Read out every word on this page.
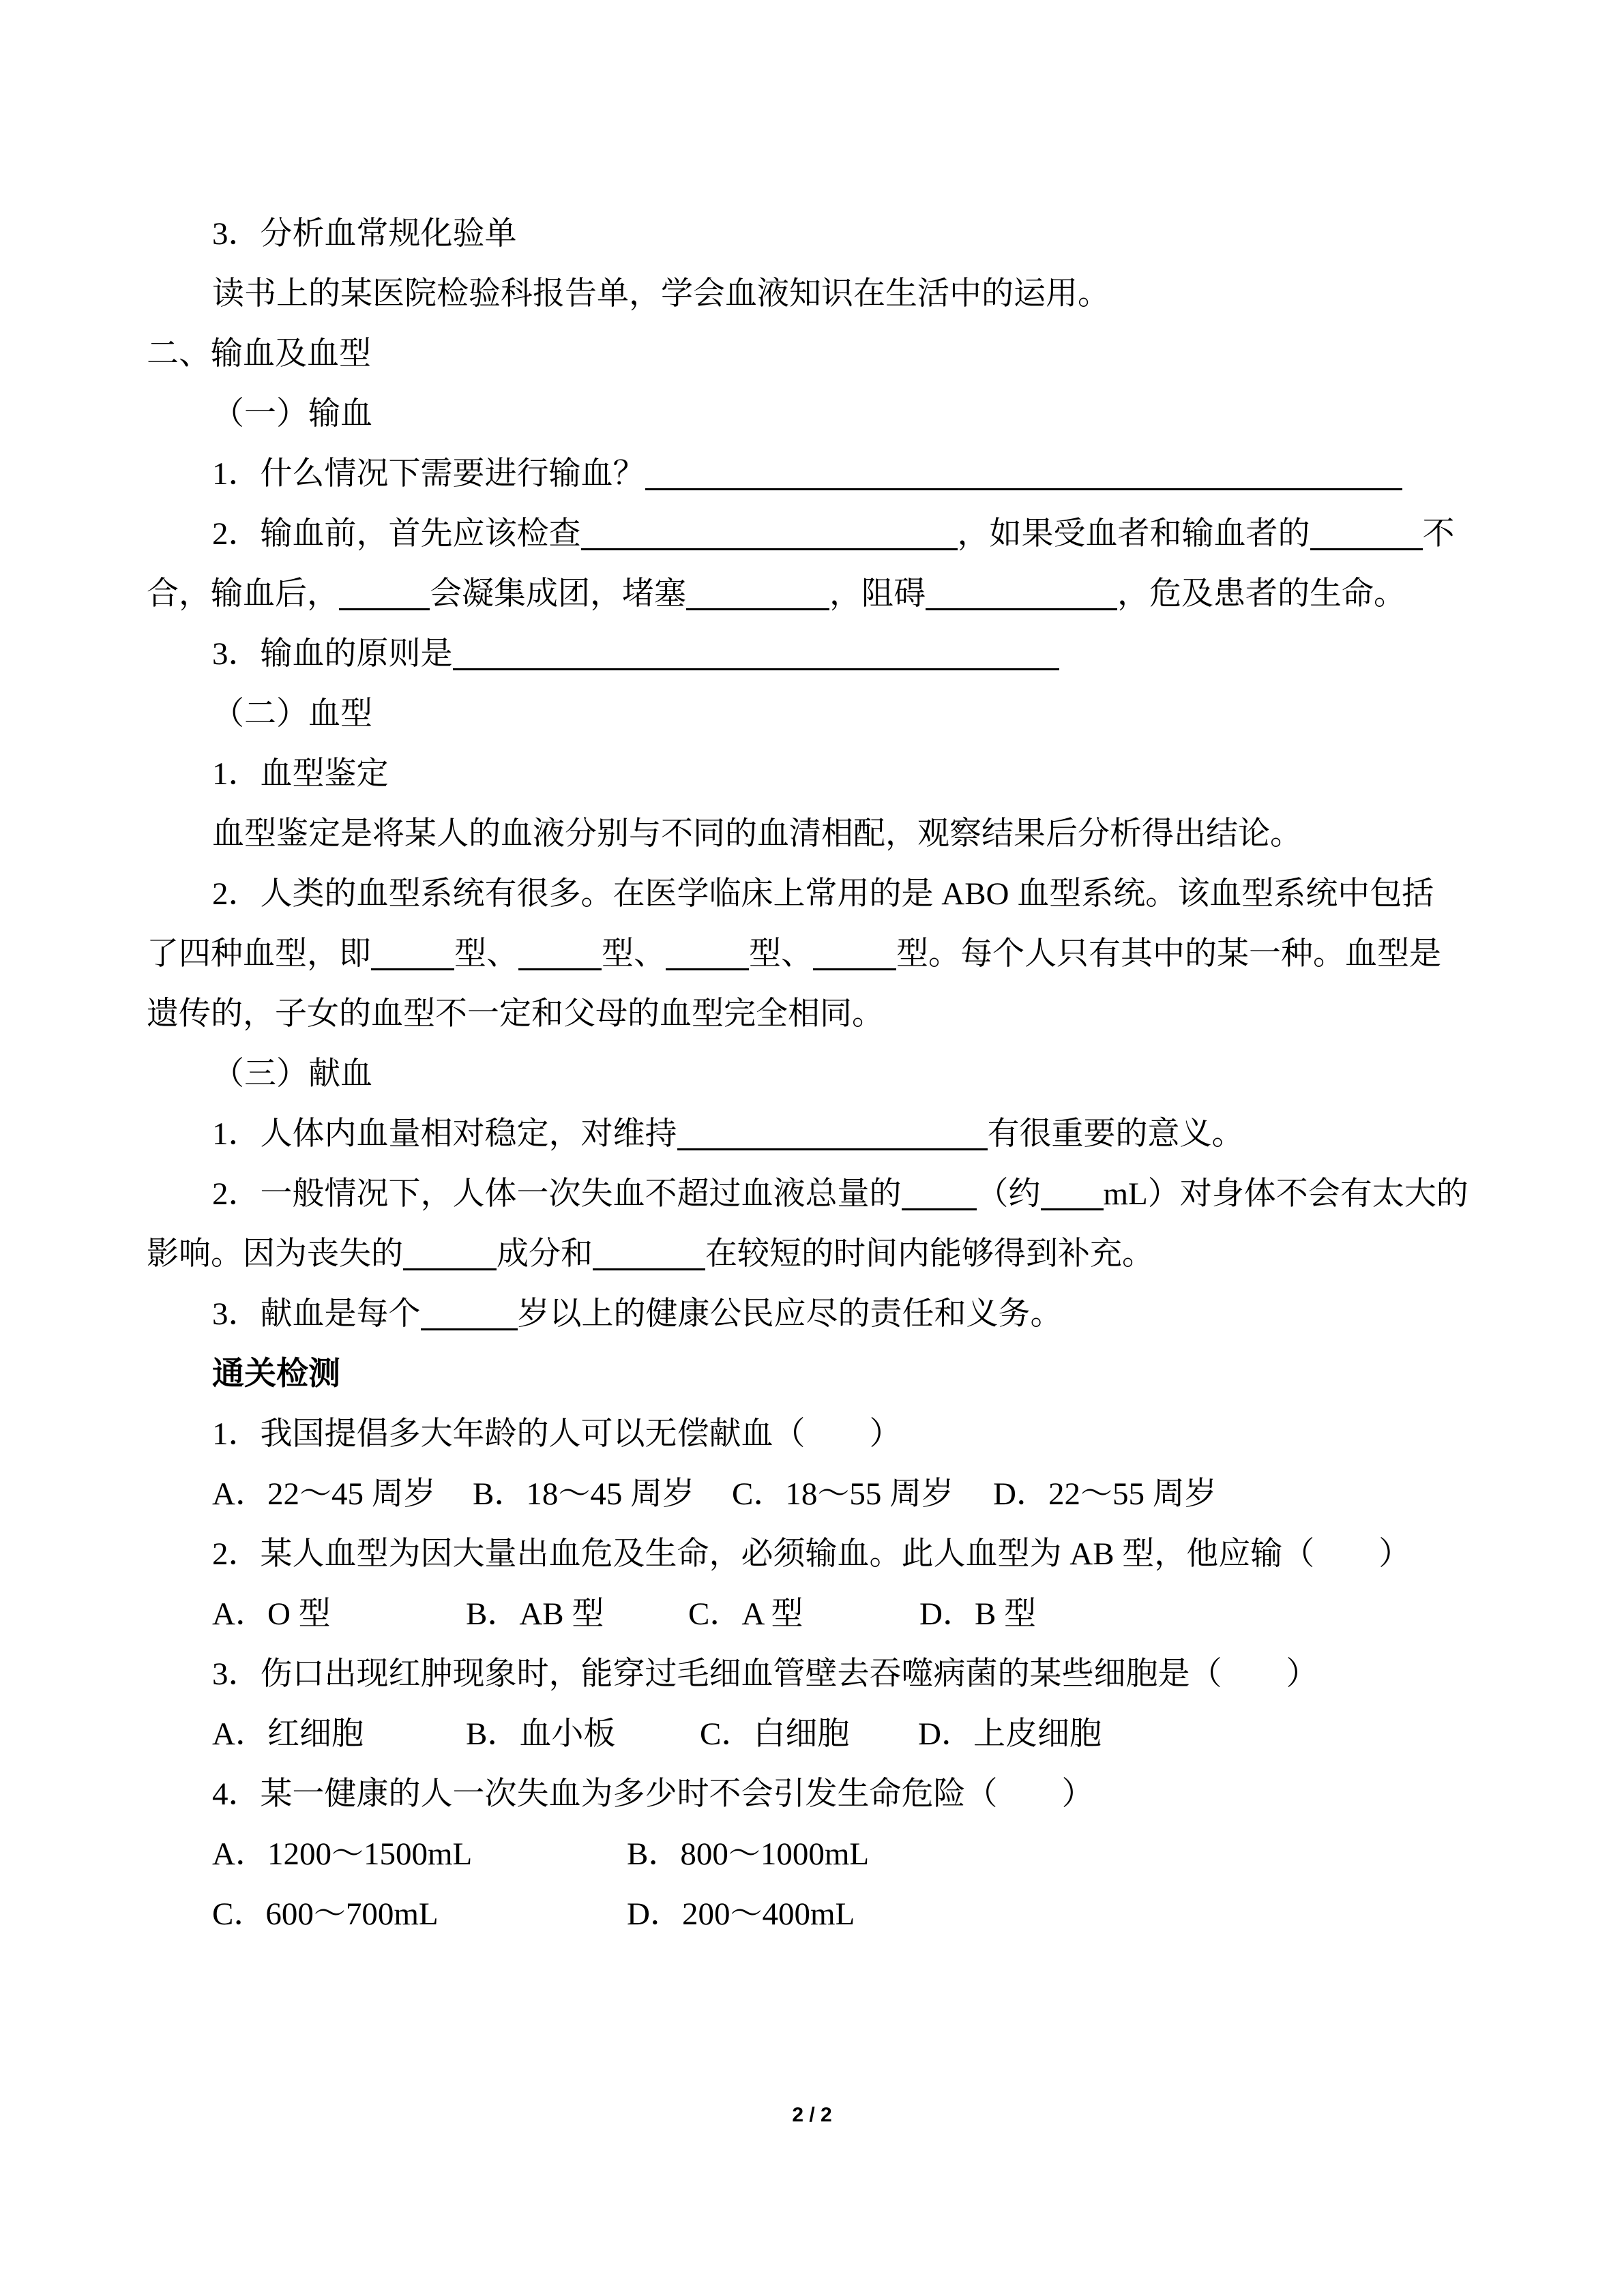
3．分析血常规化验单
读书上的某医院检验科报告单，学会血液知识在生活中的运用。
二、输血及血型
（一）输血
1．什么情况下需要进行输血？
2．输血前，首先应该检查	，如果受血者和输血者的	不
合，输血后，	会凝集成团，堵塞	，阻碍	，危及患者的生命。
3．输血的原则是
（二）血型
1．血型鉴定
血型鉴定是将某人的血液分别与不同的血清相配，观察结果后分析得出结论。
2．人类的血型系统有很多。在医学临床上常用的是 ABO 血型系统。该血型系统中包括
了四种血型，即	型、	型、	型、	型。每个人只有其中的某一种。血型是
遗传的，子女的血型不一定和父母的血型完全相同。
（三）献血
1．人体内血量相对稳定，对维持	有很重要的意义。
2．一般情况下，人体一次失血不超过血液总量的 （约 mL）对身体不会有太大的
影响。因为丧失的	成分和	在较短的时间内能够得到补充。
3．献血是每个	岁以上的健康公民应尽的责任和义务。
通关检测
1．我国提倡多大年龄的人可以无偿献血（　　）
A．22～45 周岁 B．18～45 周岁 C．18～55 周岁 D．22～55 周岁
2．某人血型为因大量出血危及生命，必须输血。此人血型为 AB 型，他应输（　　）
A．O 型	B．AB 型	C．A 型	D．B 型
3．伤口出现红肿现象时，能穿过毛细血管壁去吞噬病菌的某些细胞是（　　）
A．红细胞	B．血小板	C．白细胞 D．上皮细胞
4．某一健康的人一次失血为多少时不会引发生命危险（　　）
A．1200～1500mL	B．800～1000mL
C．600～700mL	D．200～400mL
2 / 2
